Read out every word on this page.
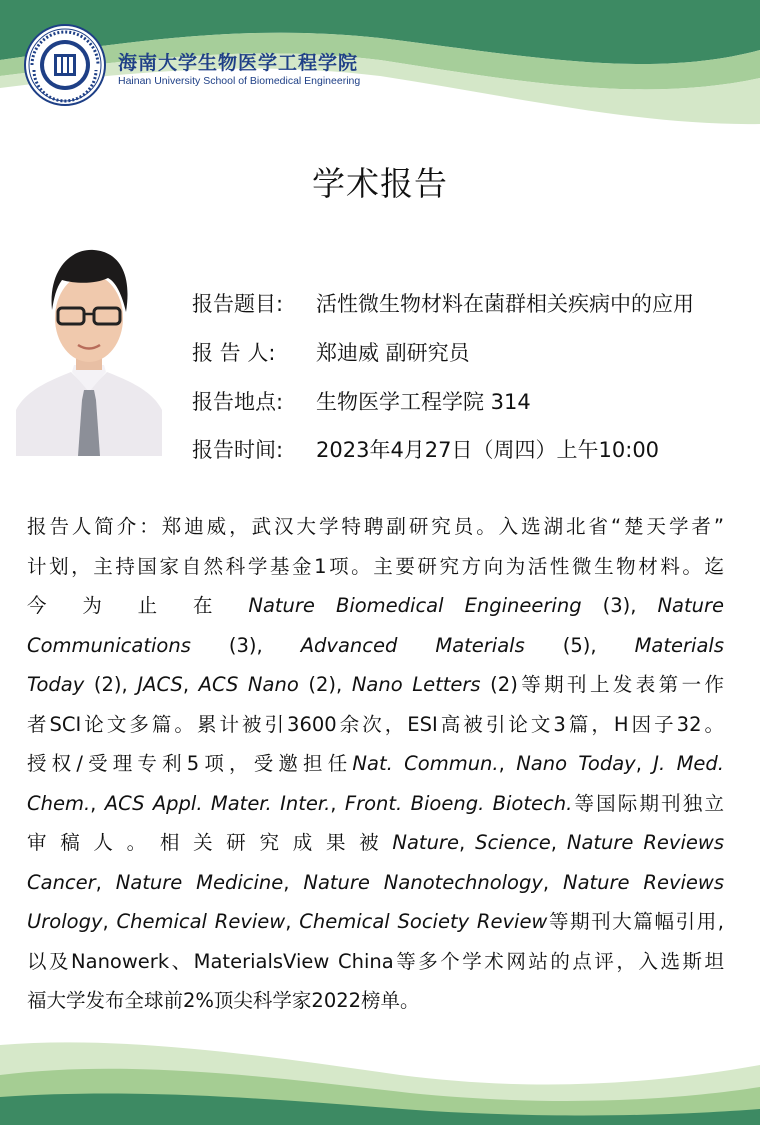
海南大学生物医学工程学院
Hainan University School of Biomedical Engineering
学术报告
报告题目: 活性微生物材料在菌群相关疾病中的应用
报 告 人: 郑迪威 副研究员
报告地点: 生物医学工程学院 314
报告时间: 2023年4月27日（周四）上午10:00
报告人简介：郑迪威，武汉大学特聘副研究员。入选湖北省“楚天学者”
计划，主持国家自然科学基金1项。主要研究方向为活性微生物材料。迄
今 为 止 在 Nature Biomedical Engineering (3), Nature
Communications (3), Advanced Materials (5), Materials
Today (2), JACS, ACS Nano (2), Nano Letters (2)等期刊上发表第一作
者SCI论文多篇。累计被引3600余次，ESI高被引论文3篇，H因子32。
授权/受理专利5项，受邀担任Nat. Commun., Nano Today, J. Med.
Chem., ACS Appl. Mater. Inter., Front. Bioeng. Biotech.等国际期刊独立
审 稿 人 。 相 关 研 究 成 果 被 Nature, Science, Nature Reviews
Cancer, Nature Medicine, Nature Nanotechnology, Nature Reviews
Urology, Chemical Review, Chemical Society Review等期刊大篇幅引用,
以及Nanowerk、MaterialsView China等多个学术网站的点评，入选斯坦
福大学发布全球前2%顶尖科学家2022榜单。
